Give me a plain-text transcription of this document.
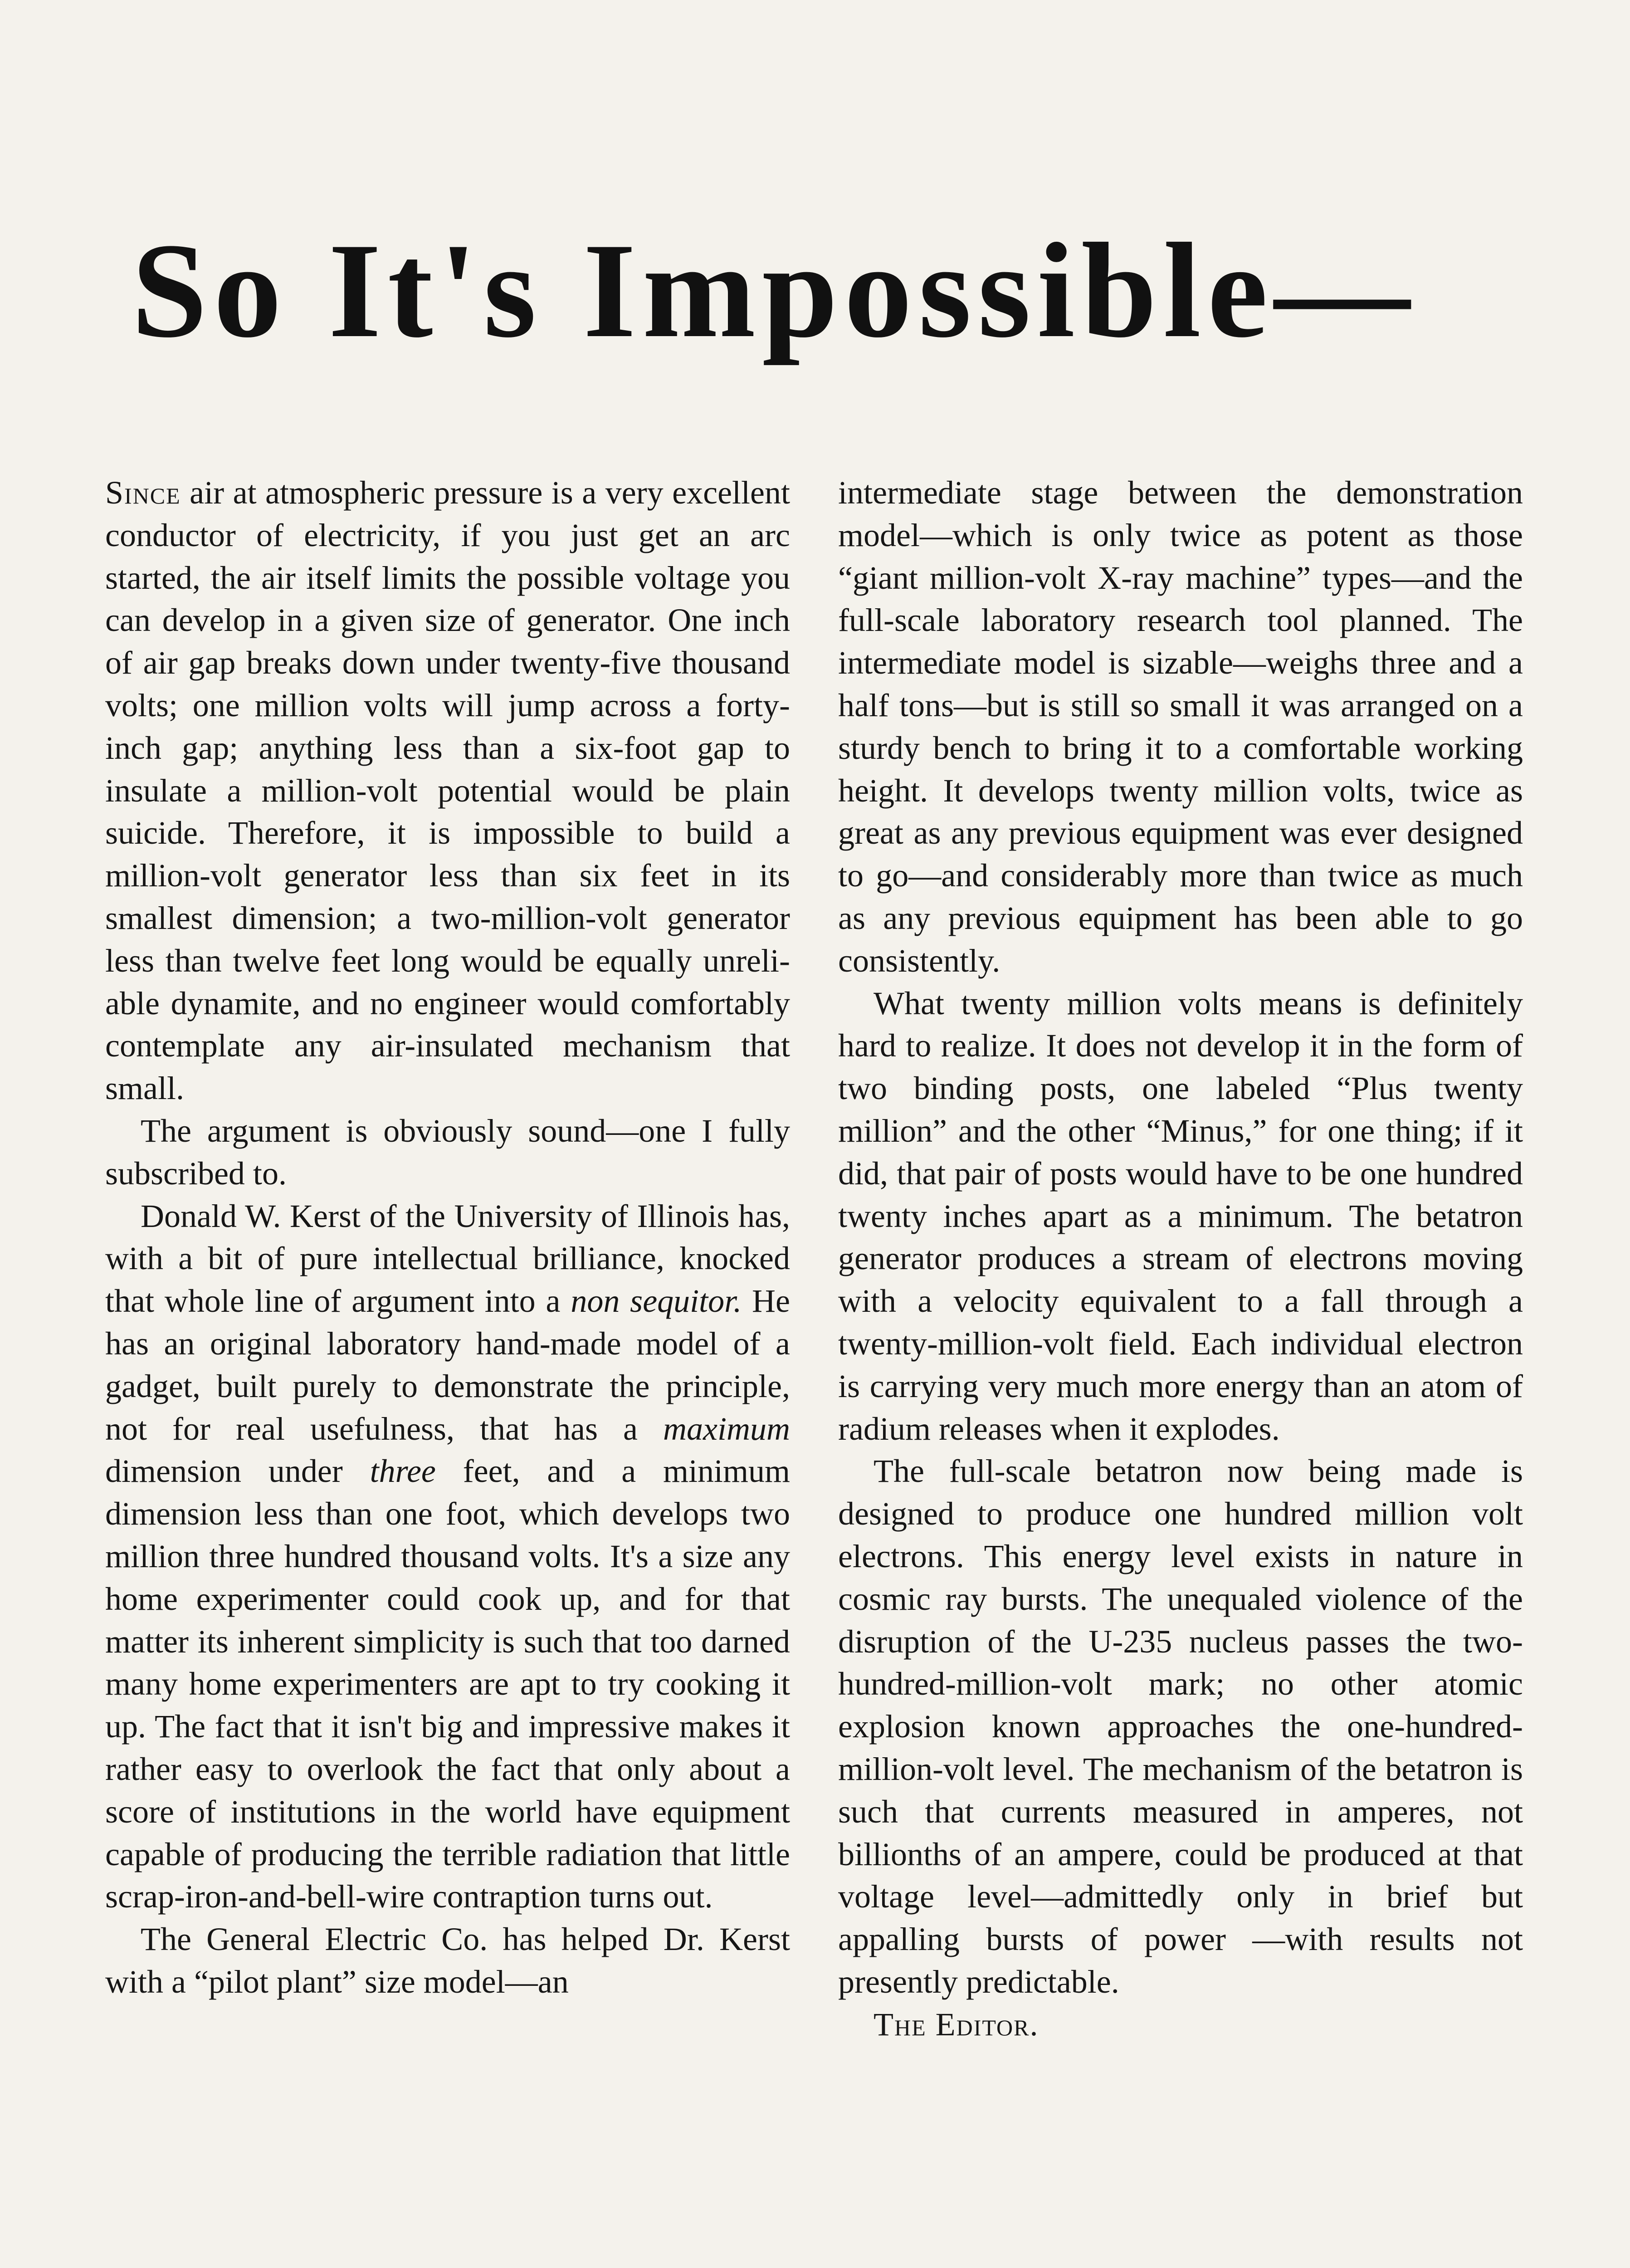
So It's Impossible—

Since air at atmospheric pressure is a very excellent conductor of electricity, if you just get an arc started, the air itself limits the possible voltage you can develop in a given size of generator. One inch of air gap breaks down under twenty-five thousand volts; one million volts will jump across a forty-inch gap; anything less than a six-foot gap to insulate a million-volt potential would be plain suicide. Therefore, it is impossible to build a million-volt generator less than six feet in its smallest dimension; a two-million-volt generator less than twelve feet long would be equally unreliable dynamite, and no engineer would comfortably contemplate any air-insulated mechanism that small.

The argument is obviously sound—one I fully subscribed to.

Donald W. Kerst of the University of Illinois has, with a bit of pure intellectual brilliance, knocked that whole line of argument into a non sequitor. He has an original laboratory hand-made model of a gadget, built purely to demonstrate the principle, not for real usefulness, that has a maximum dimension under three feet, and a minimum dimension less than one foot, which develops two million three hundred thousand volts. It's a size any home experimenter could cook up, and for that matter its inherent simplicity is such that too darned many home experimenters are apt to try cooking it up. The fact that it isn't big and impressive makes it rather easy to overlook the fact that only about a score of institutions in the world have equipment capable of producing the terrible radiation that little scrap-iron-and-bell-wire contraption turns out.

The General Electric Co. has helped Dr. Kerst with a “pilot plant” size model—an

intermediate stage between the demonstration model—which is only twice as potent as those “giant million-volt X-ray machine” types—and the full-scale laboratory research tool planned. The intermediate model is sizable—weighs three and a half tons—but is still so small it was arranged on a sturdy bench to bring it to a comfortable working height. It develops twenty million volts, twice as great as any previous equipment was ever designed to go—and considerably more than twice as much as any previous equipment has been able to go consistently.

What twenty million volts means is definitely hard to realize. It does not develop it in the form of two binding posts, one labeled “Plus twenty million” and the other “Minus,” for one thing; if it did, that pair of posts would have to be one hundred twenty inches apart as a minimum. The betatron generator produces a stream of electrons moving with a velocity equivalent to a fall through a twenty-million-volt field. Each individual electron is carrying very much more energy than an atom of radium releases when it explodes.

The full-scale betatron now being made is designed to produce one hundred million volt electrons. This energy level exists in nature in cosmic ray bursts. The unequaled violence of the disruption of the U-235 nucleus passes the two-hundred-million-volt mark; no other atomic explosion known approaches the one-hundred-million-volt level. The mechanism of the betatron is such that currents measured in amperes, not billionths of an ampere, could be produced at that voltage level—admittedly only in brief but appalling bursts of power —with results not presently predictable.

The Editor.
